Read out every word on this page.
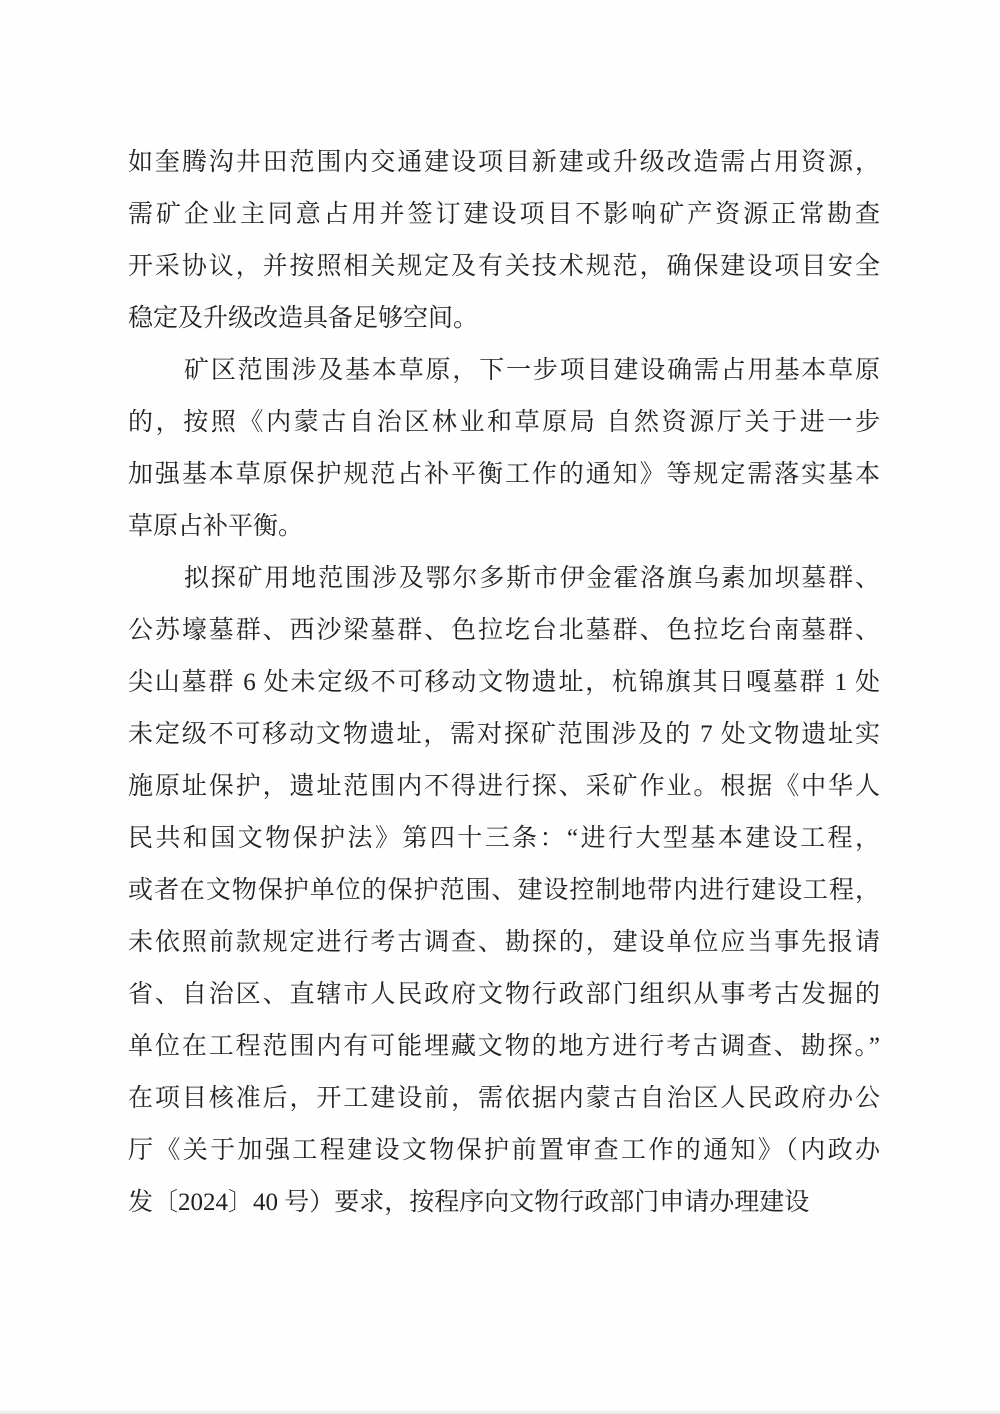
如奎腾沟井田范围内交通建设项目新建或升级改造需占用资源，
需矿企业主同意占用并签订建设项目不影响矿产资源正常勘查
开采协议，并按照相关规定及有关技术规范，确保建设项目安全
稳定及升级改造具备足够空间。
矿区范围涉及基本草原，下一步项目建设确需占用基本草原
的，按照《内蒙古自治区林业和草原局 自然资源厅关于进一步
加强基本草原保护规范占补平衡工作的通知》等规定需落实基本
草原占补平衡。
拟探矿用地范围涉及鄂尔多斯市伊金霍洛旗乌素加坝墓群、
公苏壕墓群、西沙梁墓群、色拉圪台北墓群、色拉圪台南墓群、
尖山墓群 6 处未定级不可移动文物遗址，杭锦旗其日嘎墓群 1 处
未定级不可移动文物遗址，需对探矿范围涉及的 7 处文物遗址实
施原址保护，遗址范围内不得进行探、采矿作业。根据《中华人
民共和国文物保护法》第四十三条：“进行大型基本建设工程，
或者在文物保护单位的保护范围、建设控制地带内进行建设工程，
未依照前款规定进行考古调查、勘探的，建设单位应当事先报请
省、自治区、直辖市人民政府文物行政部门组织从事考古发掘的
单位在工程范围内有可能埋藏文物的地方进行考古调查、勘探。”
在项目核准后，开工建设前，需依据内蒙古自治区人民政府办公
厅《关于加强工程建设文物保护前置审查工作的通知》（内政办
发〔2024〕40 号）要求，按程序向文物行政部门申请办理建设
